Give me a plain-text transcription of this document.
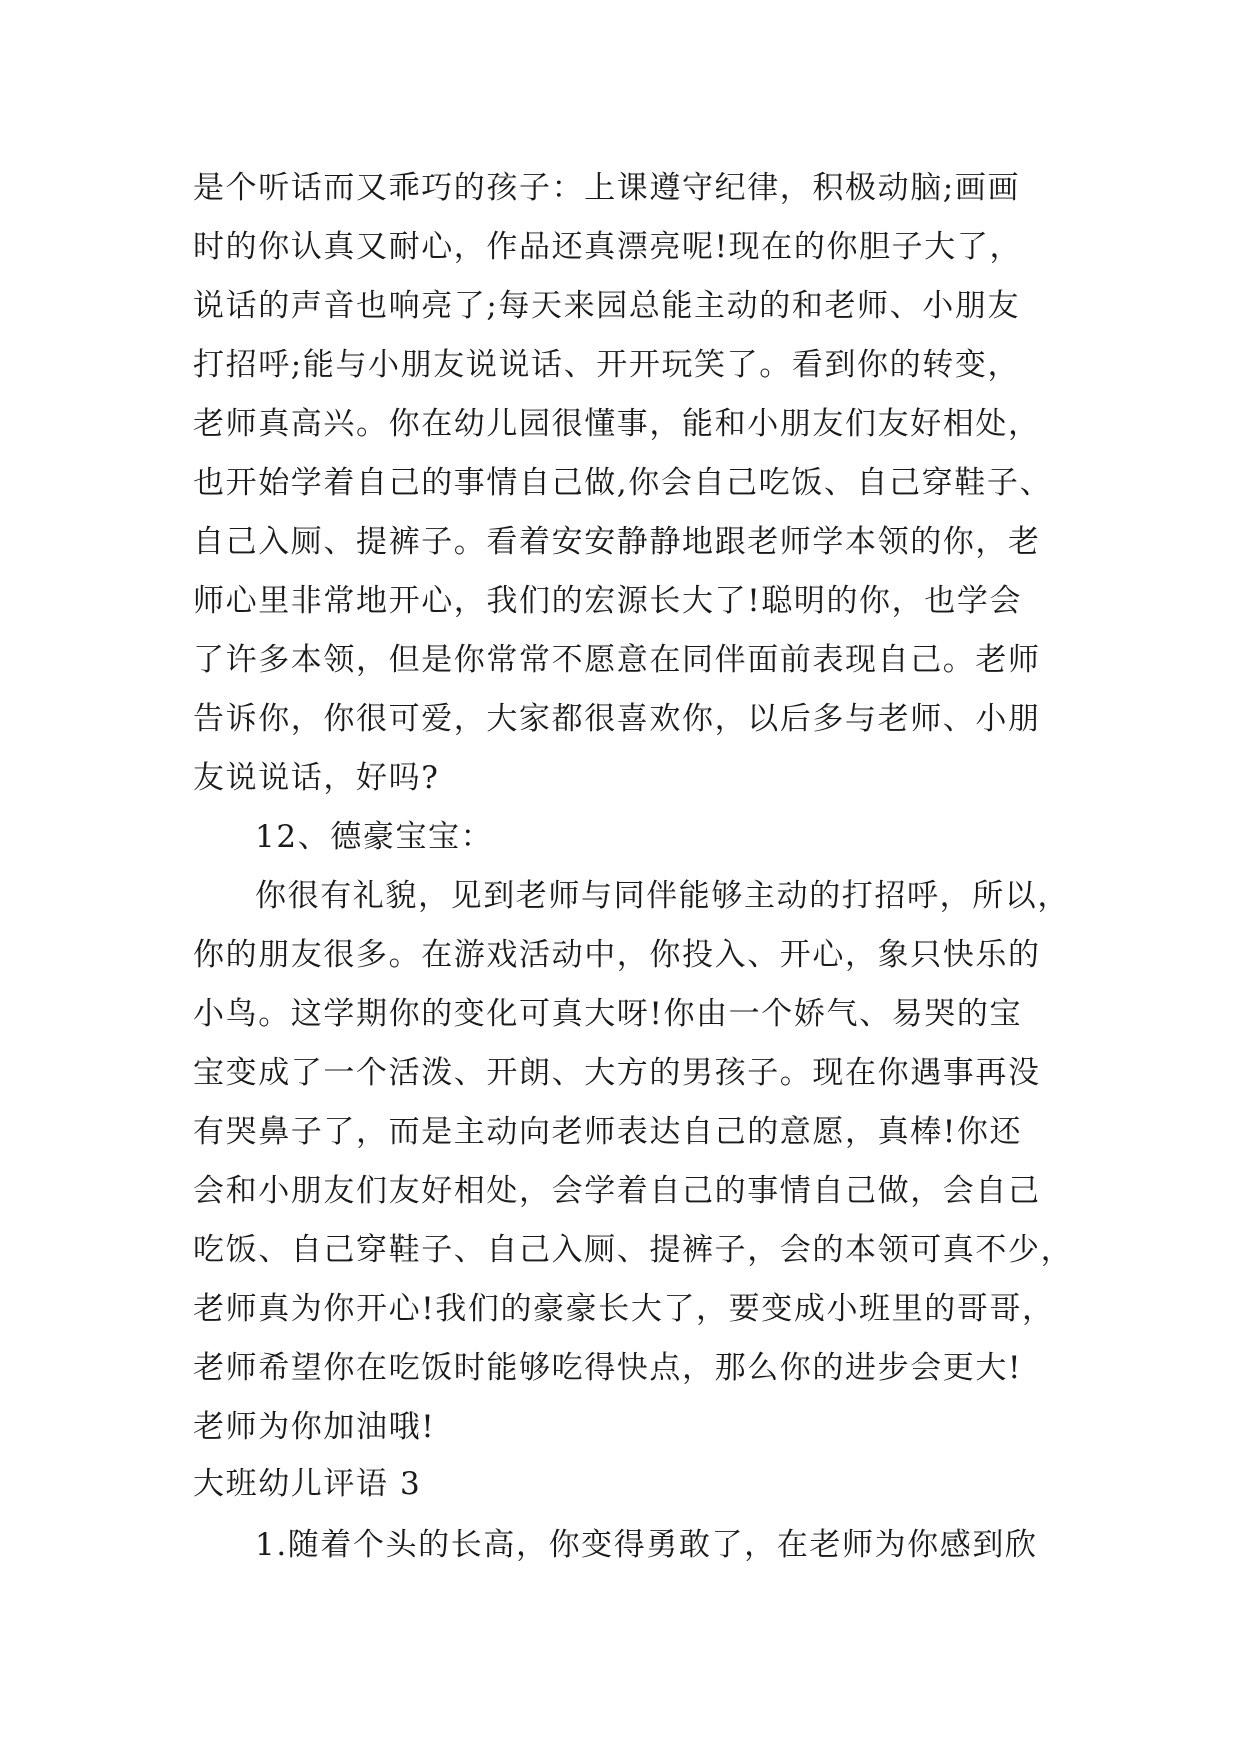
是个听话而又乖巧的孩子：上课遵守纪律，积极动脑;画画
时的你认真又耐心，作品还真漂亮呢!现在的你胆子大了，
说话的声音也响亮了;每天来园总能主动的和老师、小朋友
打招呼;能与小朋友说说话、开开玩笑了。看到你的转变，
老师真高兴。你在幼儿园很懂事，能和小朋友们友好相处，
也开始学着自己的事情自己做,你会自己吃饭、自己穿鞋子、
自己入厕、提裤子。看着安安静静地跟老师学本领的你，老
师心里非常地开心，我们的宏源长大了!聪明的你，也学会
了许多本领，但是你常常不愿意在同伴面前表现自己。老师
告诉你，你很可爱，大家都很喜欢你，以后多与老师、小朋
友说说话，好吗?
12、德豪宝宝：
你很有礼貌，见到老师与同伴能够主动的打招呼，所以，
你的朋友很多。在游戏活动中，你投入、开心，象只快乐的
小鸟。这学期你的变化可真大呀!你由一个娇气、易哭的宝
宝变成了一个活泼、开朗、大方的男孩子。现在你遇事再没
有哭鼻子了，而是主动向老师表达自己的意愿，真棒!你还
会和小朋友们友好相处，会学着自己的事情自己做，会自己
吃饭、自己穿鞋子、自己入厕、提裤子，会的本领可真不少，
老师真为你开心!我们的豪豪长大了，要变成小班里的哥哥，
老师希望你在吃饭时能够吃得快点，那么你的进步会更大!
老师为你加油哦!
大班幼儿评语 3
1.随着个头的长高，你变得勇敢了，在老师为你感到欣
